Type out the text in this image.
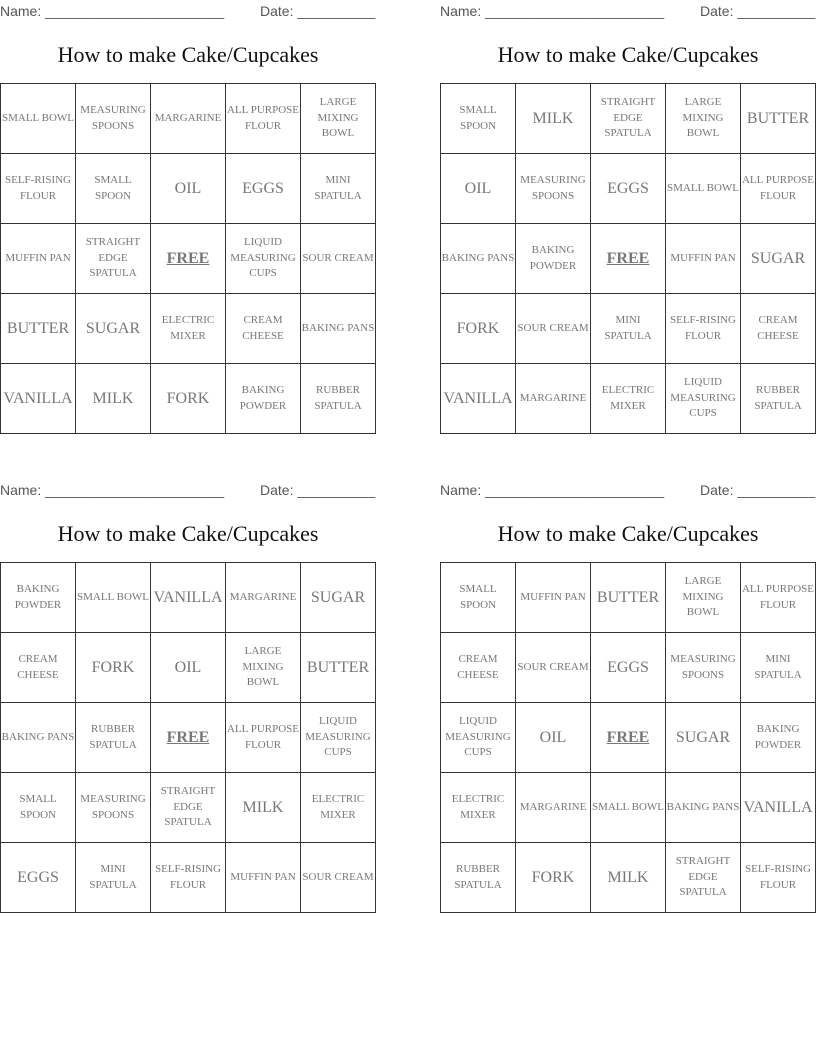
Name: _______________________	Date: __________
How to make Cake/Cupcakes
SMALL BOWL	MEASURING SPOONS	MARGARINE	ALL PURPOSE FLOUR	LARGE MIXING BOWL
SELF-RISING FLOUR	SMALL SPOON	OIL	EGGS	MINI SPATULA
MUFFIN PAN	STRAIGHT EDGE SPATULA	FREE	LIQUID MEASURING CUPS	SOUR CREAM
BUTTER	SUGAR	ELECTRIC MIXER	CREAM CHEESE	BAKING PANS
VANILLA	MILK	FORK	BAKING POWDER	RUBBER SPATULA
Name: _______________________	Date: __________
How to make Cake/Cupcakes
SMALL SPOON	MILK	STRAIGHT EDGE SPATULA	LARGE MIXING BOWL	BUTTER
OIL	MEASURING SPOONS	EGGS	SMALL BOWL	ALL PURPOSE FLOUR
BAKING PANS	BAKING POWDER	FREE	MUFFIN PAN	SUGAR
FORK	SOUR CREAM	MINI SPATULA	SELF-RISING FLOUR	CREAM CHEESE
VANILLA	MARGARINE	ELECTRIC MIXER	LIQUID MEASURING CUPS	RUBBER SPATULA
Name: _______________________	Date: __________
How to make Cake/Cupcakes
BAKING POWDER	SMALL BOWL	VANILLA	MARGARINE	SUGAR
CREAM CHEESE	FORK	OIL	LARGE MIXING BOWL	BUTTER
BAKING PANS	RUBBER SPATULA	FREE	ALL PURPOSE FLOUR	LIQUID MEASURING CUPS
SMALL SPOON	MEASURING SPOONS	STRAIGHT EDGE SPATULA	MILK	ELECTRIC MIXER
EGGS	MINI SPATULA	SELF-RISING FLOUR	MUFFIN PAN	SOUR CREAM
Name: _______________________	Date: __________
How to make Cake/Cupcakes
SMALL SPOON	MUFFIN PAN	BUTTER	LARGE MIXING BOWL	ALL PURPOSE FLOUR
CREAM CHEESE	SOUR CREAM	EGGS	MEASURING SPOONS	MINI SPATULA
LIQUID MEASURING CUPS	OIL	FREE	SUGAR	BAKING POWDER
ELECTRIC MIXER	MARGARINE	SMALL BOWL	BAKING PANS	VANILLA
RUBBER SPATULA	FORK	MILK	STRAIGHT EDGE SPATULA	SELF-RISING FLOUR
